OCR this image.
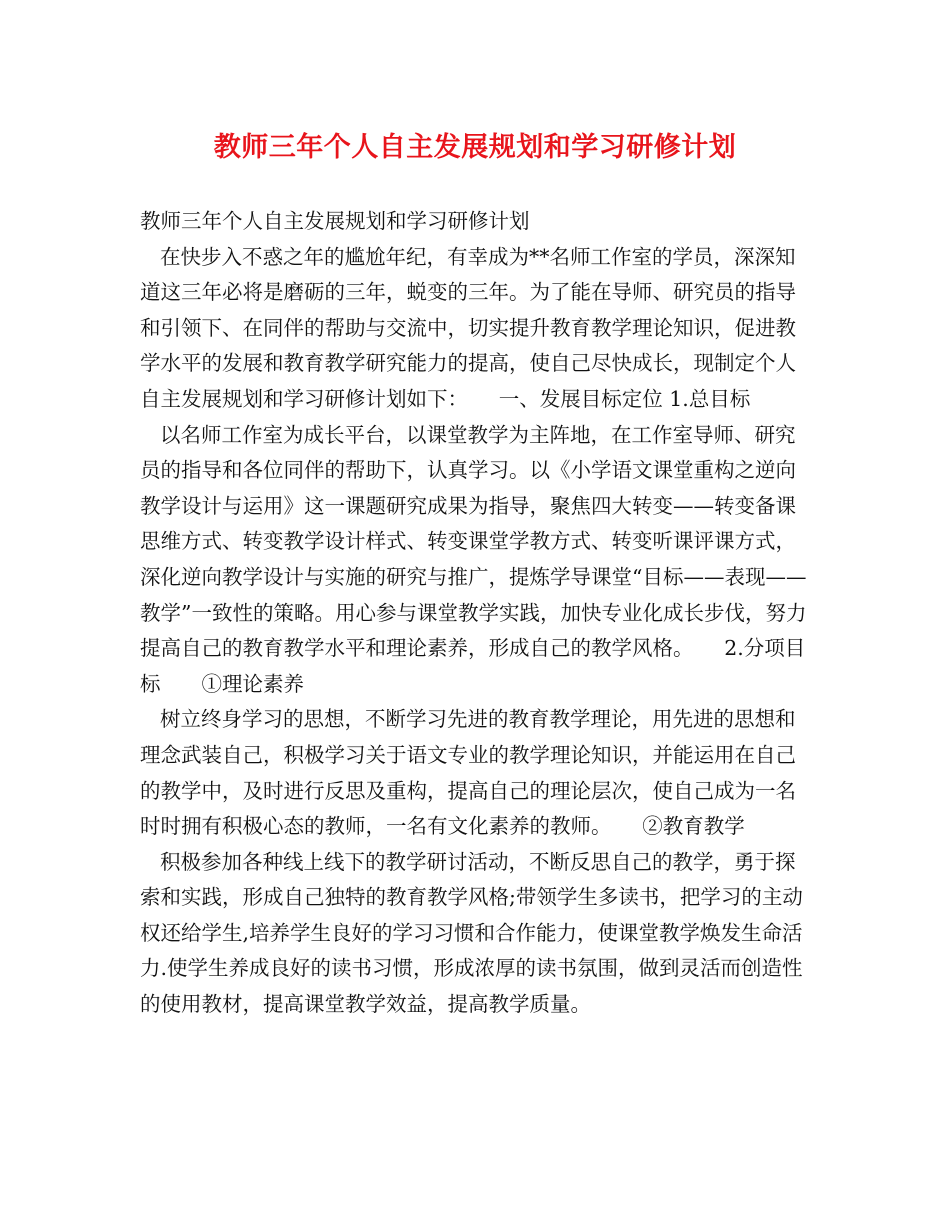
教师三年个人自主发展规划和学习研修计划

教师三年个人自主发展规划和学习研修计划

在快步入不惑之年的尴尬年纪，有幸成为**名师工作室的学员，深深知道这三年必将是磨砺的三年，蜕变的三年。为了能在导师、研究员的指导和引领下、在同伴的帮助与交流中，切实提升教育教学理论知识，促进教学水平的发展和教育教学研究能力的提高，使自己尽快成长，现制定个人自主发展规划和学习研修计划如下：　　一、发展目标定位 1.总目标

以名师工作室为成长平台，以课堂教学为主阵地，在工作室导师、研究员的指导和各位同伴的帮助下，认真学习。以《小学语文课堂重构之逆向教学设计与运用》这一课题研究成果为指导，聚焦四大转变——转变备课思维方式、转变教学设计样式、转变课堂学教方式、转变听课评课方式，深化逆向教学设计与实施的研究与推广，提炼学导课堂“目标——表现——教学”一致性的策略。用心参与课堂教学实践，加快专业化成长步伐，努力提高自己的教育教学水平和理论素养，形成自己的教学风格。　　2.分项目标　　①理论素养

树立终身学习的思想，不断学习先进的教育教学理论，用先进的思想和理念武装自己，积极学习关于语文专业的教学理论知识，并能运用在自己的教学中，及时进行反思及重构，提高自己的理论层次，使自己成为一名时时拥有积极心态的教师，一名有文化素养的教师。　　②教育教学

积极参加各种线上线下的教学研讨活动，不断反思自己的教学，勇于探索和实践，形成自己独特的教育教学风格;带领学生多读书，把学习的主动权还给学生,培养学生良好的学习习惯和合作能力，使课堂教学焕发生命活力.使学生养成良好的读书习惯，形成浓厚的读书氛围，做到灵活而创造性的使用教材，提高课堂教学效益，提高教学质量。
